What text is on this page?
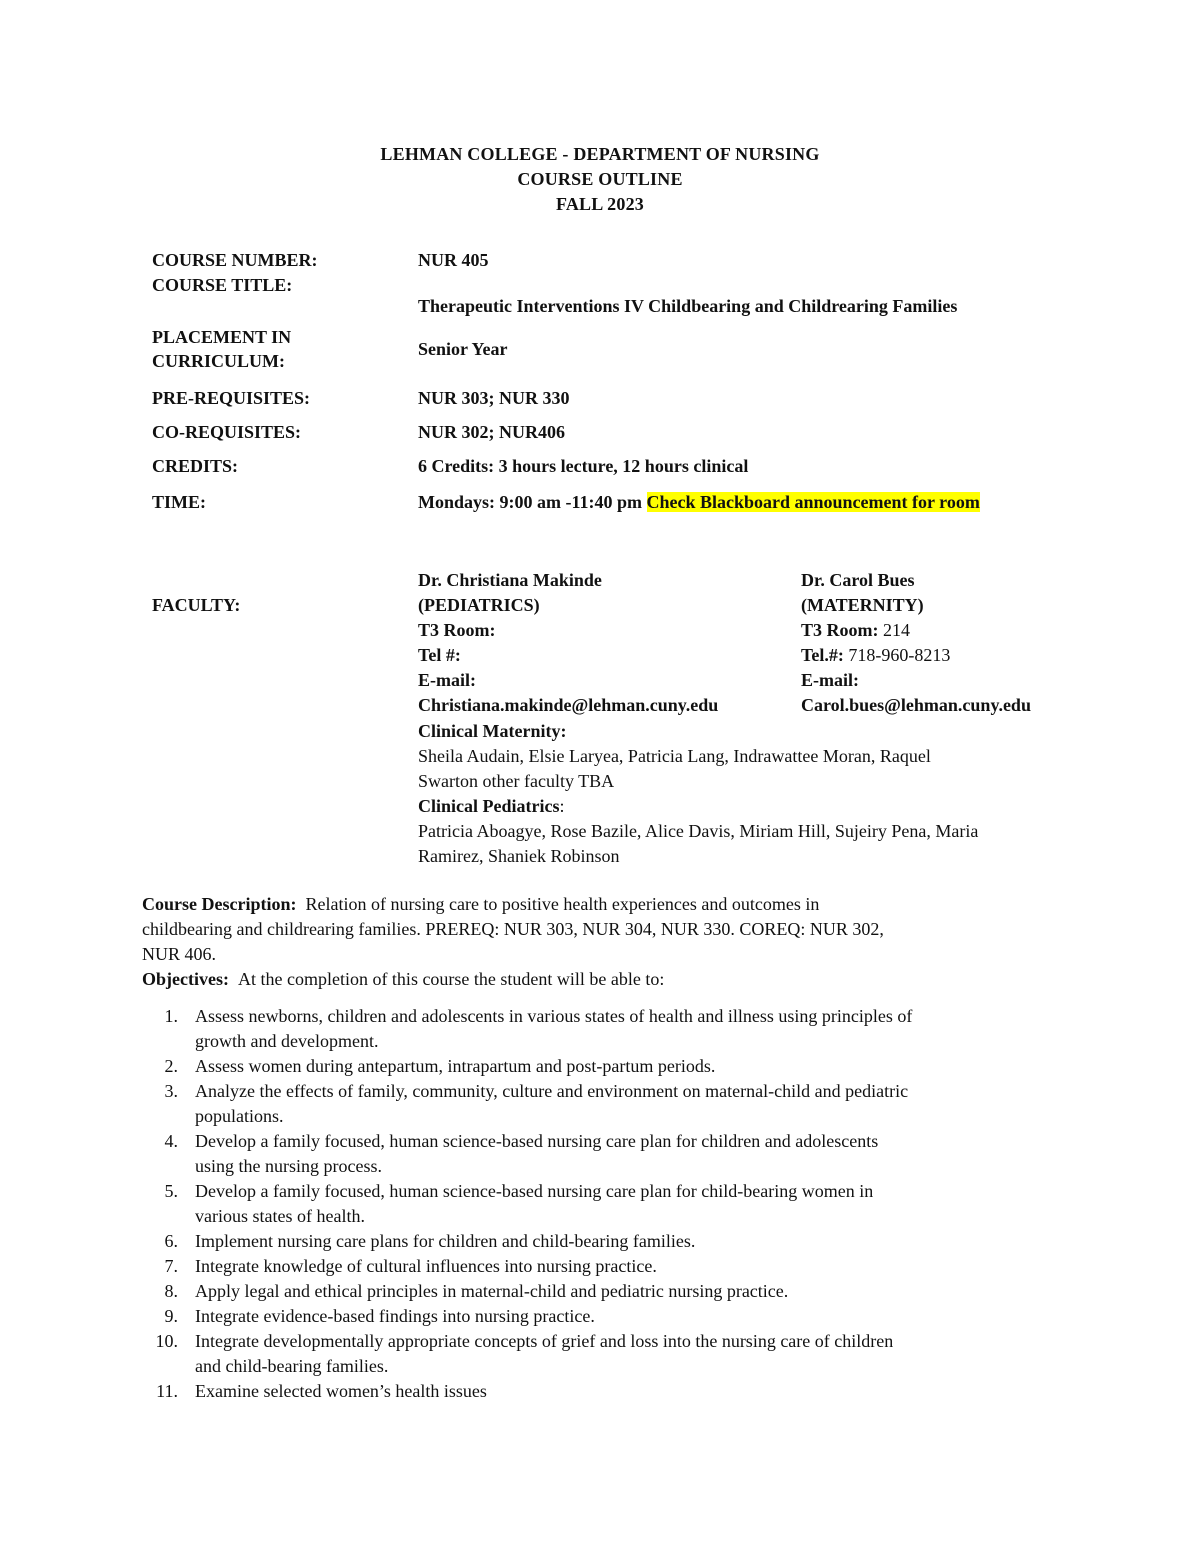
LEHMAN COLLEGE - DEPARTMENT OF NURSING
COURSE OUTLINE
FALL 2023
COURSE NUMBER:	NUR 405
COURSE TITLE:	Therapeutic Interventions IV Childbearing and Childrearing Families

PLACEMENT IN
CURRICULUM:	Senior Year
PRE-REQUISITES:	NUR 303; NUR 330
CO-REQUISITES:	NUR 302; NUR406
CREDITS:	6 Credits: 3 hours lecture, 12 hours clinical
TIME:	Mondays: 9:00 am -11:40 pm Check Blackboard announcement for room
FACULTY:
Dr. Christiana Makinde
(PEDIATRICS)
T3 Room:
Tel #:
E-mail:
Christiana.makinde@lehman.cuny.edu
Dr. Carol Bues
(MATERNITY)
T3 Room: 214
Tel.#: 718-960-8213
E-mail:
Carol.bues@lehman.cuny.edu
Clinical Maternity:
Sheila Audain, Elsie Laryea, Patricia Lang, Indrawattee Moran, Raquel
Swarton other faculty TBA
Clinical Pediatrics:
Patricia Aboagye, Rose Bazile, Alice Davis, Miriam Hill, Sujeiry Pena, Maria
Ramirez, Shaniek Robinson
Course Description: Relation of nursing care to positive health experiences and outcomes in
childbearing and childrearing families. PREREQ: NUR 303, NUR 304, NUR 330. COREQ: NUR 302,
NUR 406.
Objectives: At the completion of this course the student will be able to:
1. Assess newborns, children and adolescents in various states of health and illness using principles of
growth and development.
2. Assess women during antepartum, intrapartum and post-partum periods.
3. Analyze the effects of family, community, culture and environment on maternal-child and pediatric
populations.
4. Develop a family focused, human science-based nursing care plan for children and adolescents
using the nursing process.
5. Develop a family focused, human science-based nursing care plan for child-bearing women in
various states of health.
6. Implement nursing care plans for children and child-bearing families.
7. Integrate knowledge of cultural influences into nursing practice.
8. Apply legal and ethical principles in maternal-child and pediatric nursing practice.
9. Integrate evidence-based findings into nursing practice.
10. Integrate developmentally appropriate concepts of grief and loss into the nursing care of children
and child-bearing families.
11. Examine selected women’s health issues
